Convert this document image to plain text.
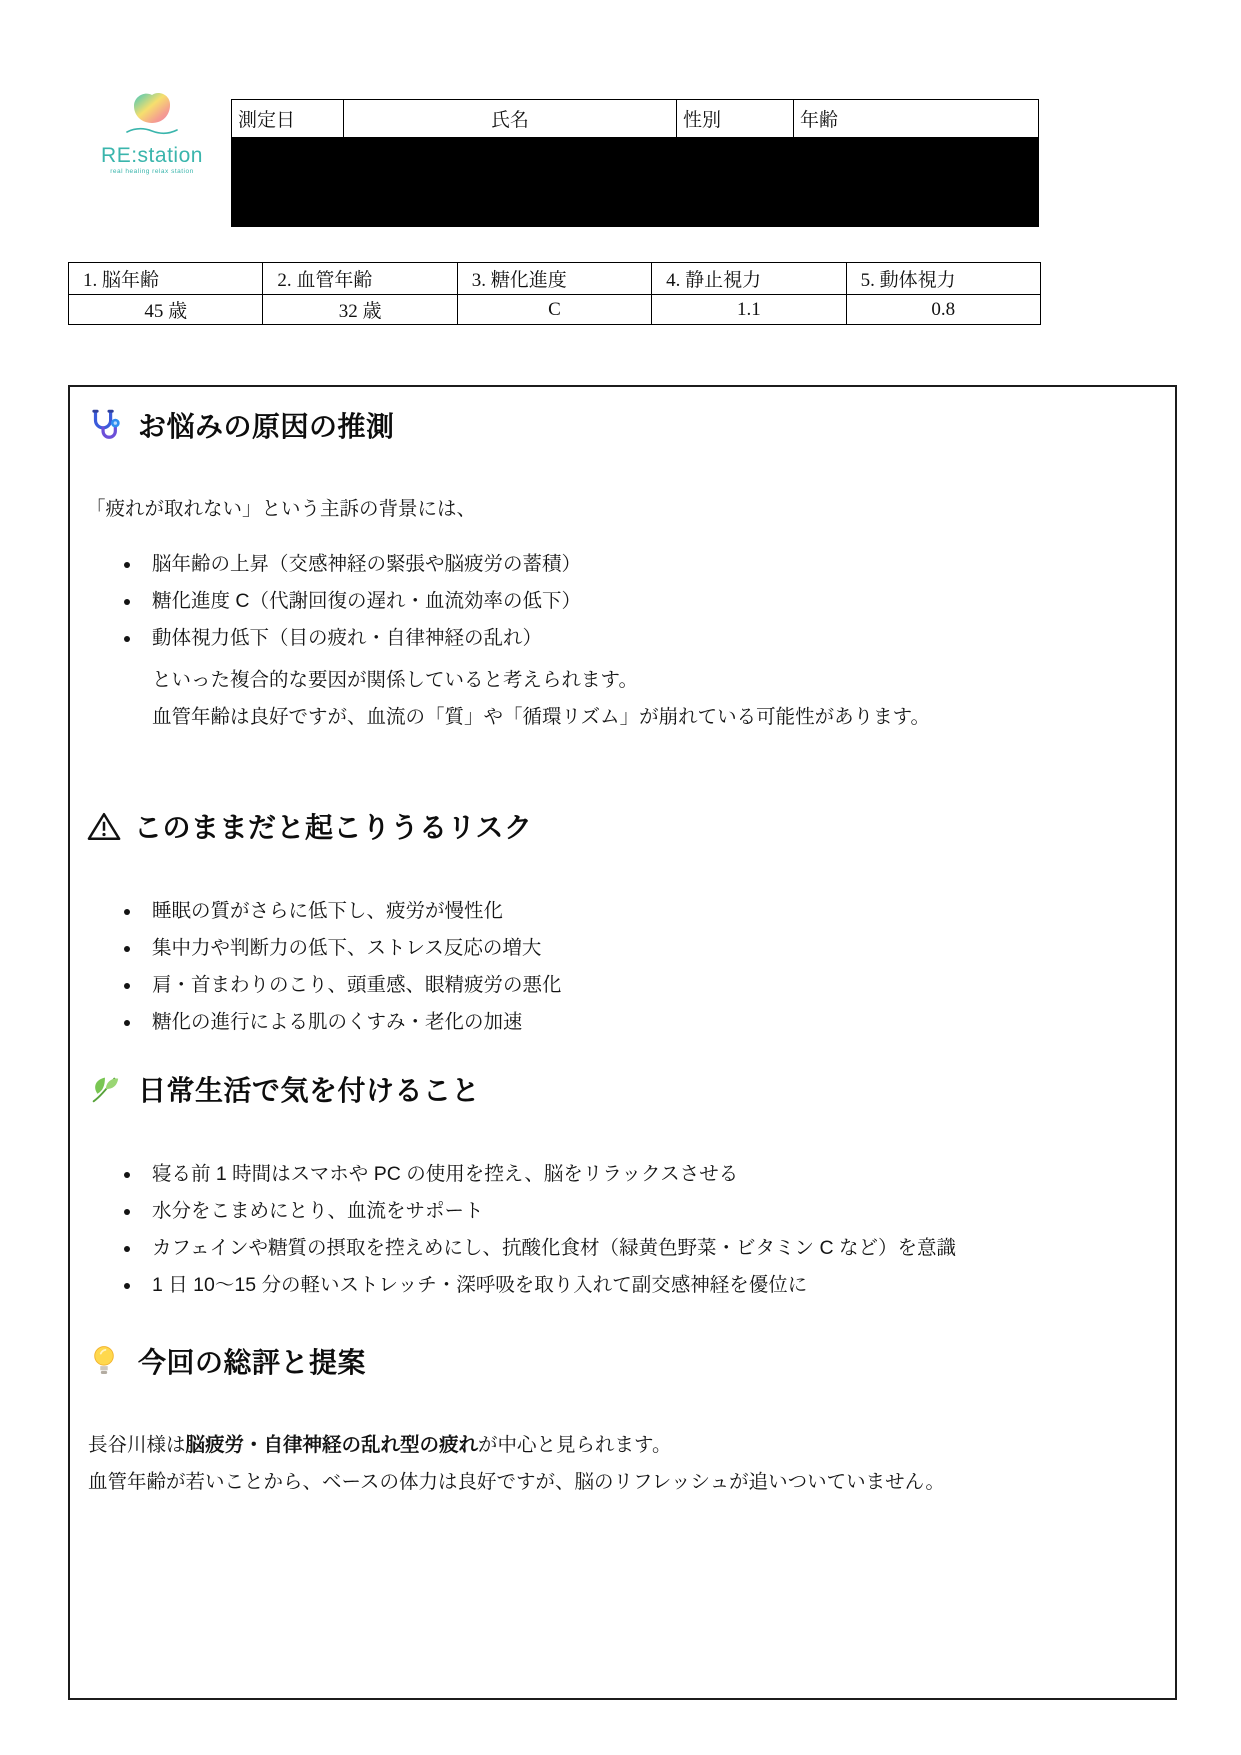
RE:station
real healing relax station
測定日	氏名	性別	年齢

1. 脳年齢	2. 血管年齢	3. 糖化進度	4. 静止視力	5. 動体視力
45 歳	32 歳	C	1.1	0.8
お悩みの原因の推測

「疲れが取れない」という主訴の背景には、

• 脳年齢の上昇（交感神経の緊張や脳疲労の蓄積）
• 糖化進度 C（代謝回復の遅れ・血流効率の低下）
• 動体視力低下（目の疲れ・自律神経の乱れ）
といった複合的な要因が関係していると考えられます。
血管年齢は良好ですが、血流の「質」や「循環リズム」が崩れている可能性があります。
このままだと起こりうるリスク
• 睡眠の質がさらに低下し、疲労が慢性化
• 集中力や判断力の低下、ストレス反応の増大
• 肩・首まわりのこり、頭重感、眼精疲労の悪化
• 糖化の進行による肌のくすみ・老化の加速
日常生活で気を付けること
• 寝る前 1 時間はスマホや PC の使用を控え、脳をリラックスさせる
• 水分をこまめにとり、血流をサポート
• カフェインや糖質の摂取を控えめにし、抗酸化食材（緑黄色野菜・ビタミン C など）を意識
• 1 日 10～15 分の軽いストレッチ・深呼吸を取り入れて副交感神経を優位に
今回の総評と提案

長谷川様は脳疲労・自律神経の乱れ型の疲れが中心と見られます。
血管年齢が若いことから、ベースの体力は良好ですが、脳のリフレッシュが追いついていません。
